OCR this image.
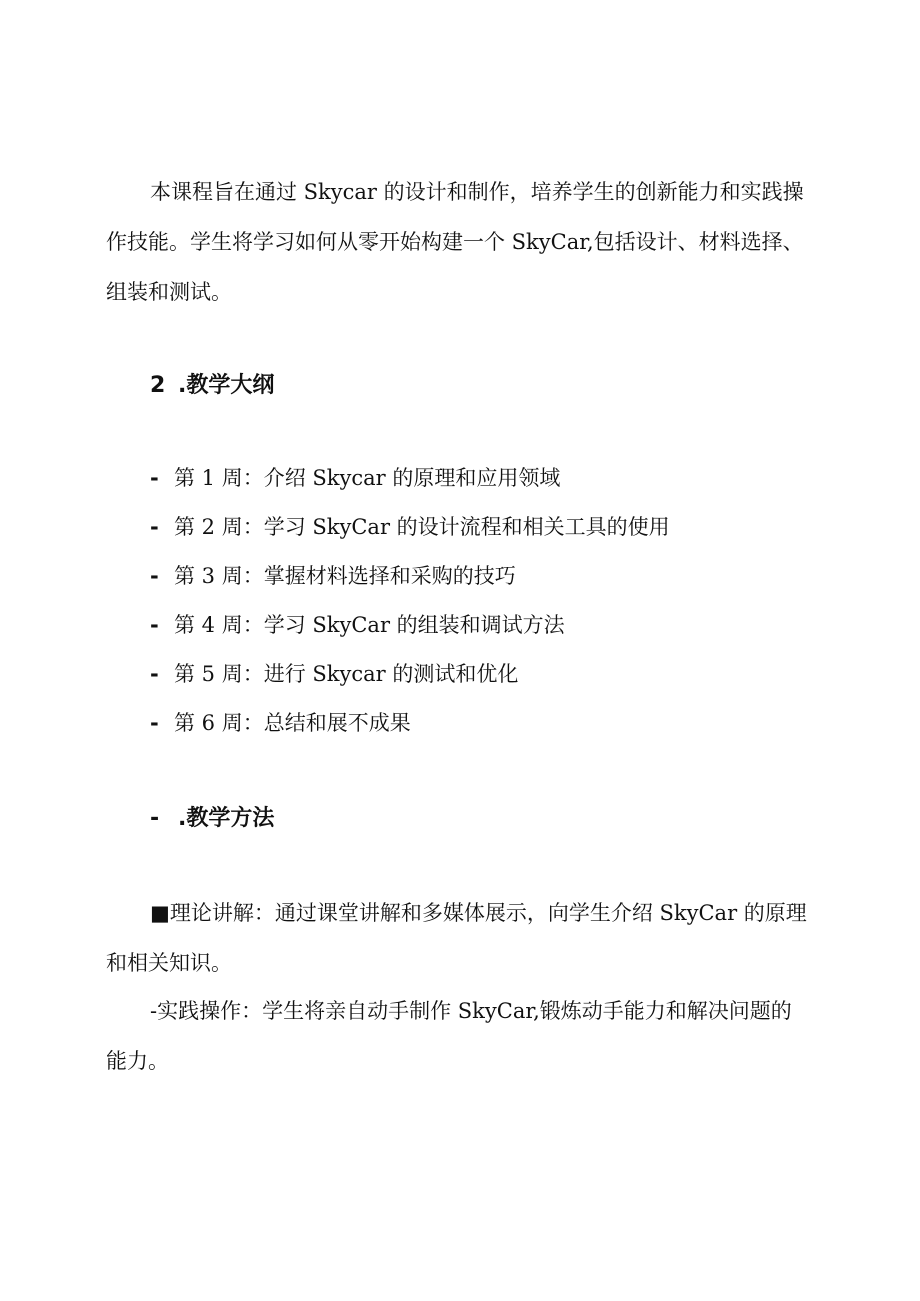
本课程旨在通过 Skycar 的设计和制作，培养学生的创新能力和实践操
作技能。学生将学习如何从零开始构建一个 SkyCar,包括设计、材料选择、
组装和测试。
2 .教学大纲
- 第 1 周：介绍 Skycar 的原理和应用领域
- 第 2 周：学习 SkyCar 的设计流程和相关工具的使用
- 第 3 周：掌握材料选择和采购的技巧
- 第 4 周：学习 SkyCar 的组装和调试方法
- 第 5 周：进行 Skycar 的测试和优化
- 第 6 周：总结和展不成果
- .教学方法
■理论讲解：通过课堂讲解和多媒体展示，向学生介绍 SkyCar 的原理
和相关知识。
-实践操作：学生将亲自动手制作 SkyCar,锻炼动手能力和解决问题的
能力。
